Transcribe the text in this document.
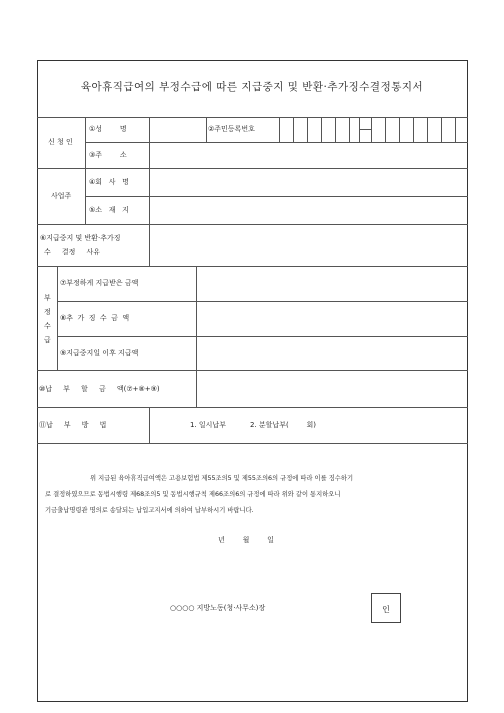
육아휴직급여의 부정수급에 따른 지급중지 및 반환·추가징수결정통지서
신 청 인
①성        명	②주민등록번호
③주        소
사업주
④회   사   명
⑤소   재   지
⑥지급중지 및 반환·추가징
수     결정     사유
부
정
수
급
⑦부정하게 지급받은 금액
⑧추  가  징  수  금  액
⑨지급중지일 이후 지급액
⑩납     부     할     금     액(⑦+⑧+⑨)
⑪납     부     방     법	1. 일시납부	2. 분할납부(        회)
위 지급된 육아휴직급여액은 고용보험법 제55조의5 및 제55조의6의 규정에 따라 이를 징수하기
로 결정하였으므로 동법시행령 제68조의5 및 동법시행규칙 제66조의6의 규정에 따라 위와 같이 통지하오니
기금출납명령관 명의로 송달되는 납입고지서에 의하여 납부하시기 바랍니다.
년        월        일
○○○○ 지방노동(청·사무소)장	인
